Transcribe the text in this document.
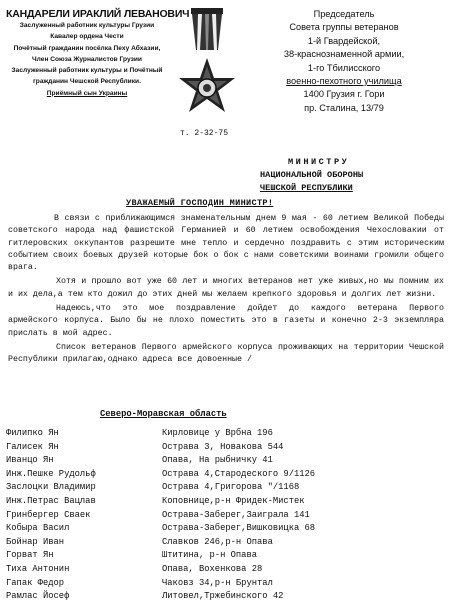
КАНДАРЕЛИ ИРАКЛИЙ ЛЕВАНОВИЧ
Заслуженный работник культуры Грузии
Кавалер ордена Чести
Почётный гражданин посёлка Пеху Абхазии,
Член Союза Журналистов Грузии
Заслуженный работник культуры и Почётный
гражданин Чешской Республики.
Приёмный сын Украины
т. 2-32-75
Председатель
Совета группы ветеранов
1-й Гвардейской,
38-краснознаменной армии,
1-го Тбилисского
военно-пехотного училища
1400 Грузия г. Гори
пр. Сталина, 13/79
МИНИСТРУ
НАЦИОНАЛЬНОЙ ОБОРОНЫ
ЧЕШСКОЙ РЕСПУБЛИКИ
УВАЖАЕМЫЙ ГОСПОДИН МИНИСТР!

В связи с приближающимся знаменательным днем 9 мая - 60 летием Великой Победы советского народа над фашистской Германией и 60 летием освобождения Чехословакии от гитлеровских оккупантов разрешите мне тепло и сердечно поздравить с этим историческим событием своих боевых друзей которые бок о бок с нами советскими воинами громили общего врага.

Хотя и прошло вот уже 60 лет и многих ветеранов нет уже живых,но мы помним их и их дела,а тем кто дожил до этих дней мы желаем крепкого здоровья и долгих лет жизни.

Надеюсь,что это мое поздравление дойдет до каждого ветерана Первого армейского корпуса. Было бы не плохо поместить это в газеты и конечно 2-3 экземпляра прислать в мой адрес.

Список ветеранов Первого армейского корпуса проживающих на территории Чешской Республики прилагаю,однако адреса все довоенные /

Северо-Моравская область
Филипко Ян	Кирловице у Врбна 196
Галисек Ян	Острава 3, Новакова 544
Иванцо Ян	Опава, На рыбничку 41
Инж.Пешке Рудольф	Острава 4,Стародеского 9/1126
Заслоцки Владимир	Острава 4,Григорова "/1168
Инж.Петрас Вацлав	Коповнице,р-н Фридек-Мистек
Гринбергер Сваек	Острава-Заберег,Заиграла 141
Кобыра Васил	Острава-Заберег,Вишковицка 68
Бойнар Иван	Славков 246,р-н Опава
Горват Ян	Штитина, р-н Опава
Тиха Антонин	Опава, Вохенкова 28
Гапак Федор	Чаковз 34,р-н Брунтал
Рамлас Йосеф	Литовел,Тржебинского 42
